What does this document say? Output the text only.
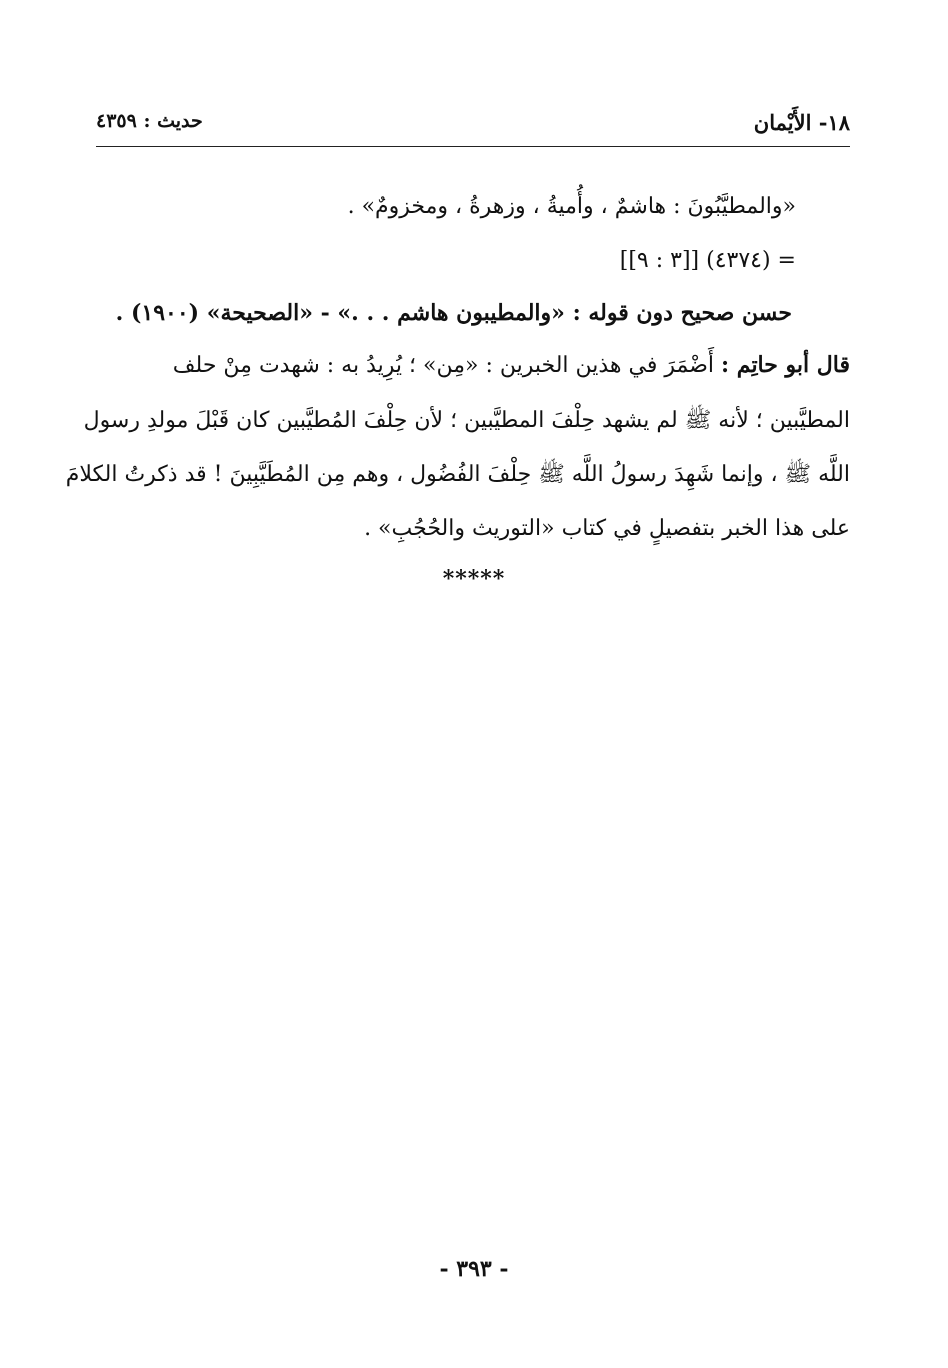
١٨- الأَيْمان
حديث : ٤٣٥٩
«والمطيَّبُونَ : هاشمٌ ، وأُميةُ ، وزهرةُ ، ومخزومٌ» .
= (٤٣٧٤) [[٣ : ٩]]
حسن صحيح دون قوله : «والمطيبون هاشم . . .» - «الصحيحة» (١٩٠٠) .
قال أبو حاتِم : أَضْمَرَ في هذين الخبرين : «مِن» ؛ يُرِيدُ به : شهدت مِنْ حلف
المطيَّبين ؛ لأنه ﷺ لم يشهد حِلْفَ المطيَّبين ؛ لأن حِلْفَ المُطيَّبين كان قَبْلَ مولدِ رسول
اللَّه ﷺ ، وإنما شَهِدَ رسولُ اللَّه ﷺ حِلْفَ الفُضُول ، وهم مِن المُطَيَّبِينَ ! قد ذكرتُ الكلامَ
على هذا الخبر بتفصيلٍ في كتاب «التوريث والحُجُبِ» .
*****
- ٣٩٣ -
